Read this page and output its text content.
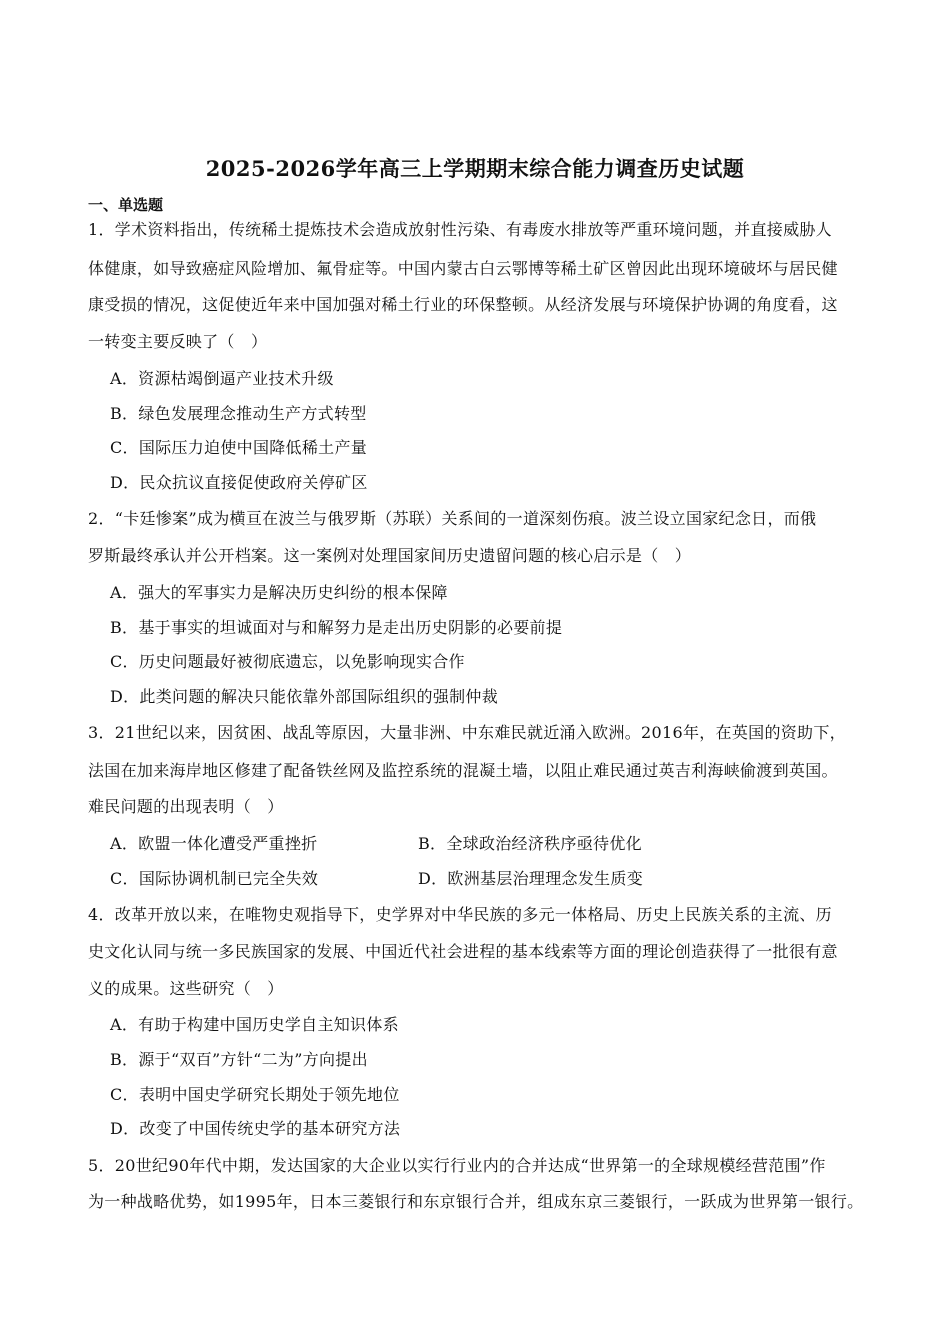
2025-2026学年高三上学期期末综合能力调查历史试题
一、单选题
1．学术资料指出，传统稀土提炼技术会造成放射性污染、有毒废水排放等严重环境问题，并直接威胁人
体健康，如导致癌症风险增加、氟骨症等。中国内蒙古白云鄂博等稀土矿区曾因此出现环境破坏与居民健
康受损的情况，这促使近年来中国加强对稀土行业的环保整顿。从经济发展与环境保护协调的角度看，这
一转变主要反映了（　）
A．资源枯竭倒逼产业技术升级
B．绿色发展理念推动生产方式转型
C．国际压力迫使中国降低稀土产量
D．民众抗议直接促使政府关停矿区
2．“卡廷惨案”成为横亘在波兰与俄罗斯（苏联）关系间的一道深刻伤痕。波兰设立国家纪念日，而俄
罗斯最终承认并公开档案。这一案例对处理国家间历史遗留问题的核心启示是（　）
A．强大的军事实力是解决历史纠纷的根本保障
B．基于事实的坦诚面对与和解努力是走出历史阴影的必要前提
C．历史问题最好被彻底遗忘，以免影响现实合作
D．此类问题的解决只能依靠外部国际组织的强制仲裁
3．21世纪以来，因贫困、战乱等原因，大量非洲、中东难民就近涌入欧洲。2016年，在英国的资助下，
法国在加来海岸地区修建了配备铁丝网及监控系统的混凝土墙，以阻止难民通过英吉利海峡偷渡到英国。
难民问题的出现表明（　）
A．欧盟一体化遭受严重挫折	B．全球政治经济秩序亟待优化
C．国际协调机制已完全失效	D．欧洲基层治理理念发生质变
4．改革开放以来，在唯物史观指导下，史学界对中华民族的多元一体格局、历史上民族关系的主流、历
史文化认同与统一多民族国家的发展、中国近代社会进程的基本线索等方面的理论创造获得了一批很有意
义的成果。这些研究（　）
A．有助于构建中国历史学自主知识体系
B．源于“双百”方针“二为”方向提出
C．表明中国史学研究长期处于领先地位
D．改变了中国传统史学的基本研究方法
5．20世纪90年代中期，发达国家的大企业以实行行业内的合并达成“世界第一的全球规模经营范围”作
为一种战略优势，如1995年，日本三菱银行和东京银行合并，组成东京三菱银行，一跃成为世界第一银行。
